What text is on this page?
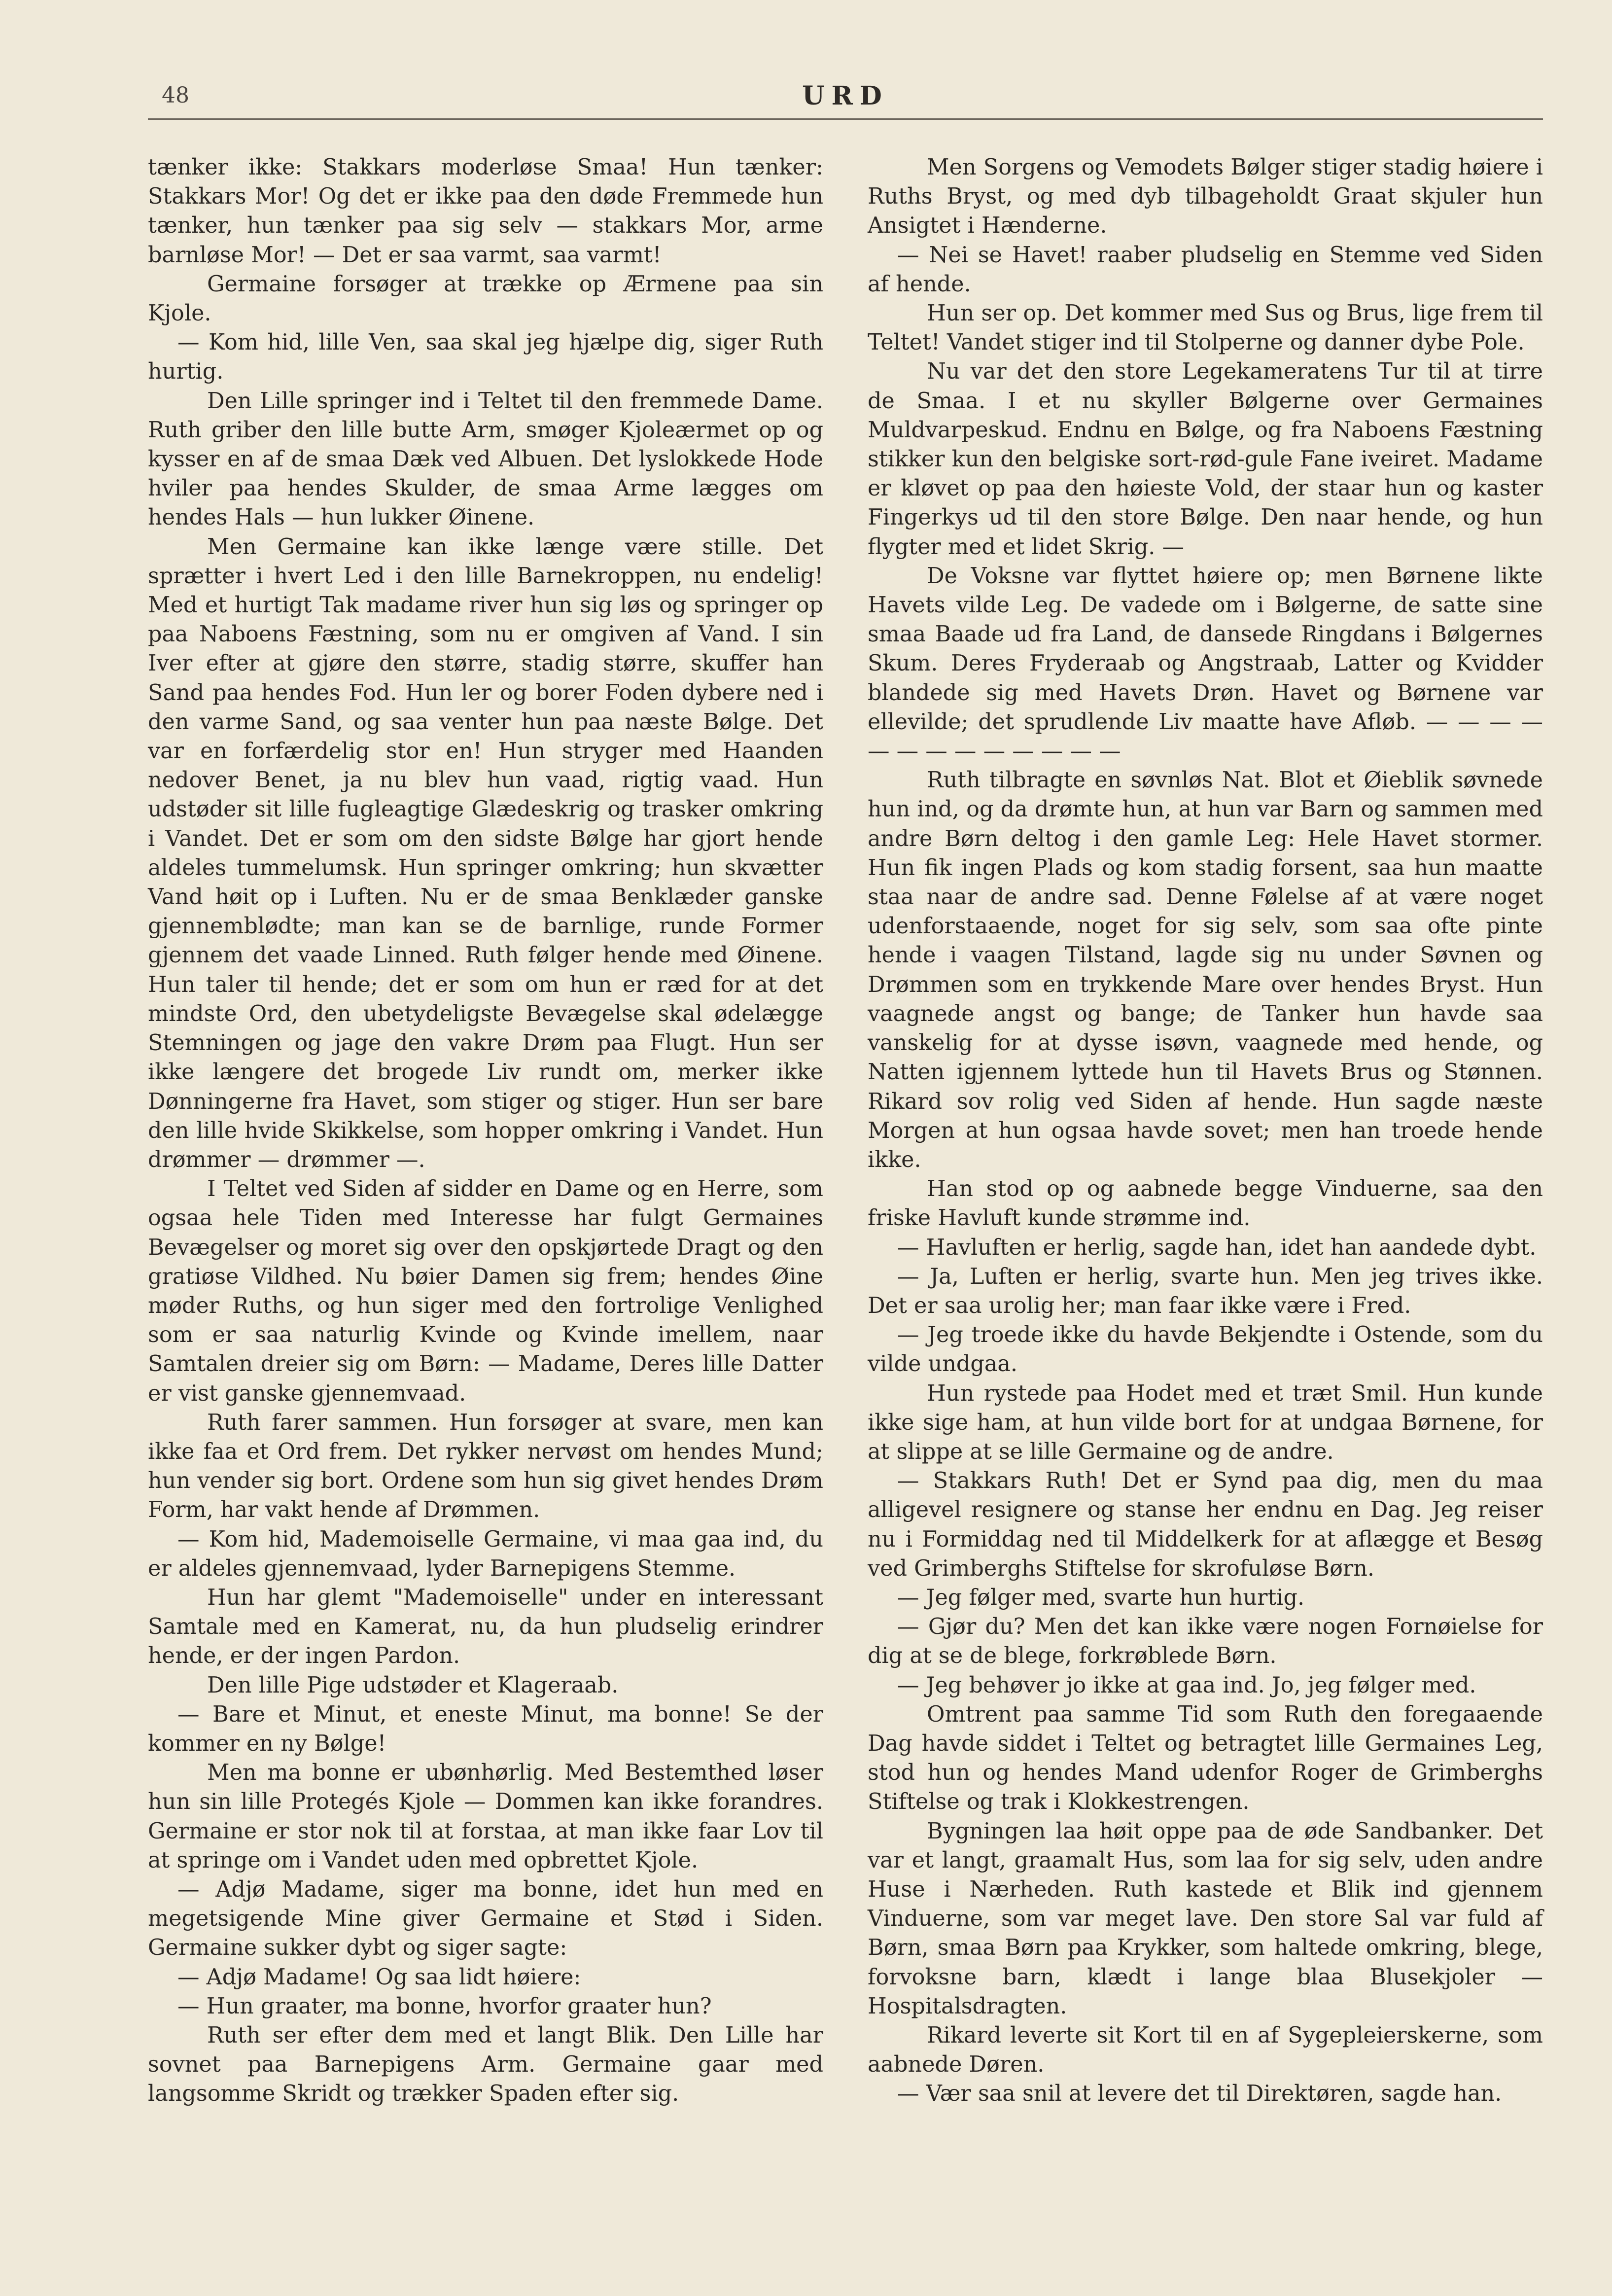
48	URD

tænker ikke: Stakkars moderløse Smaa! Hun tænker: Stakkars Mor! Og det er ikke paa den døde Fremmede hun tænker, hun tænker paa sig selv — stakkars Mor, arme barnløse Mor! — Det er saa varmt, saa varmt!

Germaine forsøger at trække op Ærmene paa sin Kjole.

— Kom hid, lille Ven, saa skal jeg hjælpe dig, siger Ruth hurtig.

Den Lille springer ind i Teltet til den fremmede Dame. Ruth griber den lille butte Arm, smøger Kjoleærmet op og kysser en af de smaa Dæk ved Albuen. Det lyslokkede Hode hviler paa hendes Skulder, de smaa Arme lægges om hendes Hals — hun lukker Øinene.

Men Germaine kan ikke længe være stille. Det sprætter i hvert Led i den lille Barnekroppen, nu endelig! Med et hurtigt Tak madame river hun sig løs og springer op paa Naboens Fæstning, som nu er omgiven af Vand. I sin Iver efter at gjøre den større, stadig større, skuffer han Sand paa hendes Fod. Hun ler og borer Foden dybere ned i den varme Sand, og saa venter hun paa næste Bølge. Det var en forfærdelig stor en! Hun stryger med Haanden nedover Benet, ja nu blev hun vaad, rigtig vaad. Hun udstøder sit lille fugleagtige Glædeskrig og trasker omkring i Vandet. Det er som om den sidste Bølge har gjort hende aldeles tummelumsk. Hun springer omkring; hun skvætter Vand høit op i Luften. Nu er de smaa Benklæder ganske gjennemblødte; man kan se de barnlige, runde Former gjennem det vaade Linned. Ruth følger hende med Øinene. Hun taler til hende; det er som om hun er ræd for at det mindste Ord, den ubetydeligste Bevægelse skal ødelægge Stemningen og jage den vakre Drøm paa Flugt. Hun ser ikke længere det brogede Liv rundt om, merker ikke Dønningerne fra Havet, som stiger og stiger. Hun ser bare den lille hvide Skikkelse, som hopper omkring i Vandet. Hun drømmer — drømmer —.

I Teltet ved Siden af sidder en Dame og en Herre, som ogsaa hele Tiden med Interesse har fulgt Germaines Bevægelser og moret sig over den opskjørtede Dragt og den gratiøse Vildhed. Nu bøier Damen sig frem; hendes Øine møder Ruths, og hun siger med den fortrolige Venlighed som er saa naturlig Kvinde og Kvinde imellem, naar Samtalen dreier sig om Børn: — Madame, Deres lille Datter er vist ganske gjennemvaad.

Ruth farer sammen. Hun forsøger at svare, men kan ikke faa et Ord frem. Det rykker nervøst om hendes Mund; hun vender sig bort. Ordene som hun sig givet hendes Drøm Form, har vakt hende af Drømmen.

— Kom hid, Mademoiselle Germaine, vi maa gaa ind, du er aldeles gjennemvaad, lyder Barnepigens Stemme.

Hun har glemt "Mademoiselle" under en interessant Samtale med en Kamerat, nu, da hun pludselig erindrer hende, er der ingen Pardon.

Den lille Pige udstøder et Klageraab.

— Bare et Minut, et eneste Minut, ma bonne! Se der kommer en ny Bølge!

Men ma bonne er ubønhørlig. Med Bestemthed løser hun sin lille Protegés Kjole — Dommen kan ikke forandres. Germaine er stor nok til at forstaa, at man ikke faar Lov til at springe om i Vandet uden med opbrettet Kjole.

— Adjø Madame, siger ma bonne, idet hun med en megetsigende Mine giver Germaine et Stød i Siden. Germaine sukker dybt og siger sagte:

— Adjø Madame! Og saa lidt høiere:

— Hun graater, ma bonne, hvorfor graater hun?

Ruth ser efter dem med et langt Blik. Den Lille har sovnet paa Barnepigens Arm. Germaine gaar med langsomme Skridt og trækker Spaden efter sig.

Men Sorgens og Vemodets Bølger stiger stadig høiere i Ruths Bryst, og med dyb tilbageholdt Graat skjuler hun Ansigtet i Hænderne.

— Nei se Havet! raaber pludselig en Stemme ved Siden af hende.

Hun ser op. Det kommer med Sus og Brus, lige frem til Teltet! Vandet stiger ind til Stolperne og danner dybe Pole.

Nu var det den store Legekameratens Tur til at tirre de Smaa. I et nu skyller Bølgerne over Germaines Muldvarpeskud. Endnu en Bølge, og fra Naboens Fæstning stikker kun den belgiske sort-rød-gule Fane iveiret. Madame er kløvet op paa den høieste Vold, der staar hun og kaster Fingerkys ud til den store Bølge. Den naar hende, og hun flygter med et lidet Skrig. —

De Voksne var flyttet høiere op; men Børnene likte Havets vilde Leg. De vadede om i Bølgerne, de satte sine smaa Baade ud fra Land, de dansede Ringdans i Bølgernes Skum. Deres Fryderaab og Angstraab, Latter og Kvidder blandede sig med Havets Drøn. Havet og Børnene var ellevilde; det sprudlende Liv maatte have Afløb. — — — — — — — — — — — — —

Ruth tilbragte en søvnløs Nat. Blot et Øieblik søvnede hun ind, og da drømte hun, at hun var Barn og sammen med andre Børn deltog i den gamle Leg: Hele Havet stormer. Hun fik ingen Plads og kom stadig forsent, saa hun maatte staa naar de andre sad. Denne Følelse af at være noget udenforstaaende, noget for sig selv, som saa ofte pinte hende i vaagen Tilstand, lagde sig nu under Søvnen og Drømmen som en trykkende Mare over hendes Bryst. Hun vaagnede angst og bange; de Tanker hun havde saa vanskelig for at dysse isøvn, vaagnede med hende, og Natten igjennem lyttede hun til Havets Brus og Stønnen. Rikard sov rolig ved Siden af hende. Hun sagde næste Morgen at hun ogsaa havde sovet; men han troede hende ikke.

Han stod op og aabnede begge Vinduerne, saa den friske Havluft kunde strømme ind.

— Havluften er herlig, sagde han, idet han aandede dybt.

— Ja, Luften er herlig, svarte hun. Men jeg trives ikke. Det er saa urolig her; man faar ikke være i Fred.

— Jeg troede ikke du havde Bekjendte i Ostende, som du vilde undgaa.

Hun rystede paa Hodet med et træt Smil. Hun kunde ikke sige ham, at hun vilde bort for at undgaa Børnene, for at slippe at se lille Germaine og de andre.

— Stakkars Ruth! Det er Synd paa dig, men du maa alligevel resignere og stanse her endnu en Dag. Jeg reiser nu i Formiddag ned til Middelkerk for at aflægge et Besøg ved Grimberghs Stiftelse for skrofuløse Børn.

— Jeg følger med, svarte hun hurtig.

— Gjør du? Men det kan ikke være nogen Fornøielse for dig at se de blege, forkrøblede Børn.

— Jeg behøver jo ikke at gaa ind. Jo, jeg følger med.

Omtrent paa samme Tid som Ruth den foregaaende Dag havde siddet i Teltet og betragtet lille Germaines Leg, stod hun og hendes Mand udenfor Roger de Grimberghs Stiftelse og trak i Klokkestrengen.

Bygningen laa høit oppe paa de øde Sandbanker. Det var et langt, graamalt Hus, som laa for sig selv, uden andre Huse i Nærheden. Ruth kastede et Blik ind gjennem Vinduerne, som var meget lave. Den store Sal var fuld af Børn, smaa Børn paa Krykker, som haltede omkring, blege, forvoksne barn, klædt i lange blaa Blusekjoler — Hospitalsdragten.

Rikard leverte sit Kort til en af Sygepleierskerne, som aabnede Døren.

— Vær saa snil at levere det til Direktøren, sagde han.
